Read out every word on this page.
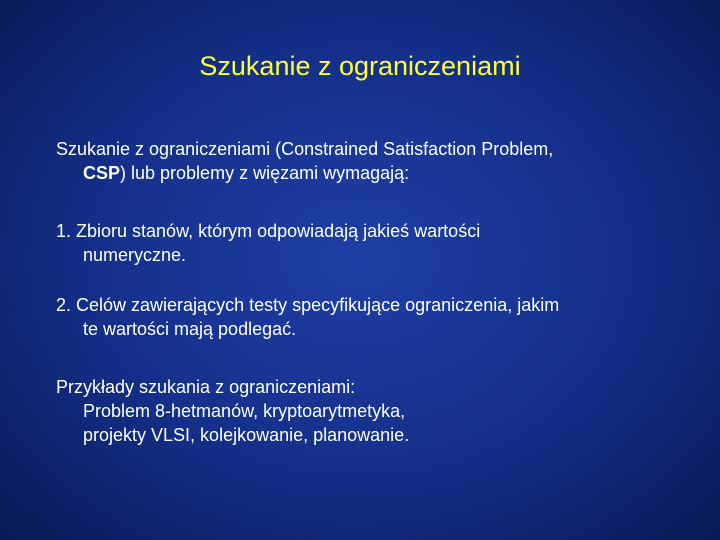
Szukanie z ograniczeniami
Szukanie z ograniczeniami (Constrained Satisfaction Problem,
CSP) lub problemy z więzami wymagają:
1. Zbioru stanów, którym odpowiadają jakieś wartości
numeryczne.
2. Celów zawierających testy specyfikujące ograniczenia, jakim
te wartości mają podlegać.
Przykłady szukania z ograniczeniami:
Problem 8-hetmanów, kryptoarytmetyka,
projekty VLSI, kolejkowanie, planowanie.
